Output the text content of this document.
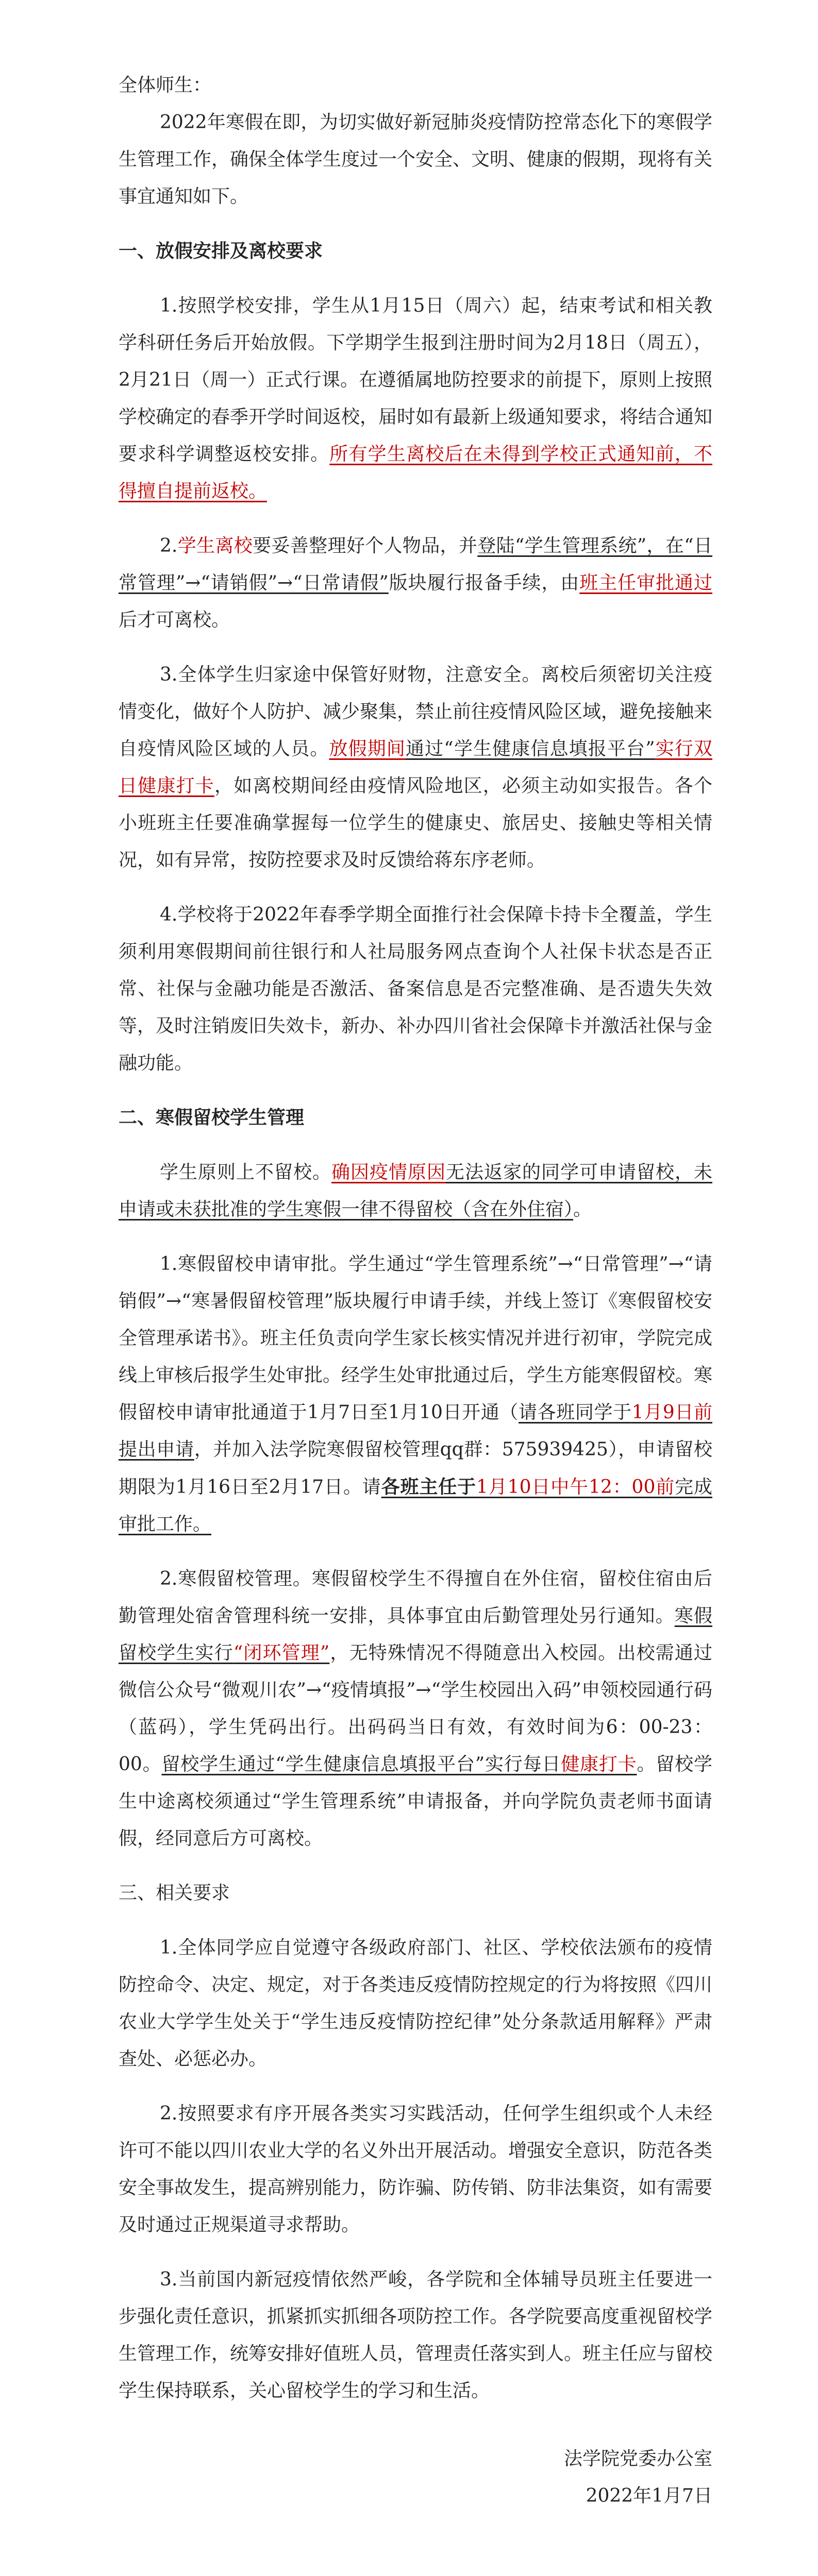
全体师生：

2022年寒假在即，为切实做好新冠肺炎疫情防控常态化下的寒假学生管理工作，确保全体学生度过一个安全、文明、健康的假期，现将有关事宜通知如下。

一、放假安排及离校要求

1.按照学校安排，学生从1月15日（周六）起，结束考试和相关教学科研任务后开始放假。下学期学生报到注册时间为2月18日（周五），2月21日（周一）正式行课。在遵循属地防控要求的前提下，原则上按照学校确定的春季开学时间返校，届时如有最新上级通知要求，将结合通知要求科学调整返校安排。所有学生离校后在未得到学校正式通知前，不得擅自提前返校。

2.学生离校要妥善整理好个人物品，并登陆“学生管理系统”，在“日常管理”→“请销假”→“日常请假”版块履行报备手续，由班主任审批通过后才可离校。

3.全体学生归家途中保管好财物，注意安全。离校后须密切关注疫情变化，做好个人防护、减少聚集，禁止前往疫情风险区域，避免接触来自疫情风险区域的人员。放假期间通过“学生健康信息填报平台”实行双日健康打卡，如离校期间经由疫情风险地区，必须主动如实报告。各个小班班主任要准确掌握每一位学生的健康史、旅居史、接触史等相关情况，如有异常，按防控要求及时反馈给蒋东序老师。

4.学校将于2022年春季学期全面推行社会保障卡持卡全覆盖，学生须利用寒假期间前往银行和人社局服务网点查询个人社保卡状态是否正常、社保与金融功能是否激活、备案信息是否完整准确、是否遗失失效等，及时注销废旧失效卡，新办、补办四川省社会保障卡并激活社保与金融功能。

二、寒假留校学生管理

学生原则上不留校。确因疫情原因无法返家的同学可申请留校，未申请或未获批准的学生寒假一律不得留校（含在外住宿）。

1.寒假留校申请审批。学生通过“学生管理系统”→“日常管理”→“请销假”→“寒暑假留校管理”版块履行申请手续，并线上签订《寒假留校安全管理承诺书》。班主任负责向学生家长核实情况并进行初审，学院完成线上审核后报学生处审批。经学生处审批通过后，学生方能寒假留校。寒假留校申请审批通道于1月7日至1月10日开通（请各班同学于1月9日前提出申请，并加入法学院寒假留校管理qq群：575939425），申请留校期限为1月16日至2月17日。请各班主任于1月10日中午12：00前完成审批工作。

2.寒假留校管理。寒假留校学生不得擅自在外住宿，留校住宿由后勤管理处宿舍管理科统一安排，具体事宜由后勤管理处另行通知。寒假留校学生实行“闭环管理”，无特殊情况不得随意出入校园。出校需通过微信公众号“微观川农”→“疫情填报”→“学生校园出入码”申领校园通行码（蓝码），学生凭码出行。出码码当日有效，有效时间为6：00-23：00。留校学生通过“学生健康信息填报平台”实行每日健康打卡。留校学生中途离校须通过“学生管理系统”申请报备，并向学院负责老师书面请假，经同意后方可离校。

三、相关要求

1.全体同学应自觉遵守各级政府部门、社区、学校依法颁布的疫情防控命令、决定、规定，对于各类违反疫情防控规定的行为将按照《四川农业大学学生处关于“学生违反疫情防控纪律”处分条款适用解释》严肃查处、必惩必办。

2.按照要求有序开展各类实习实践活动，任何学生组织或个人未经许可不能以四川农业大学的名义外出开展活动。增强安全意识，防范各类安全事故发生，提高辨别能力，防诈骗、防传销、防非法集资，如有需要及时通过正规渠道寻求帮助。

3.当前国内新冠疫情依然严峻，各学院和全体辅导员班主任要进一步强化责任意识，抓紧抓实抓细各项防控工作。各学院要高度重视留校学生管理工作，统筹安排好值班人员，管理责任落实到人。班主任应与留校学生保持联系，关心留校学生的学习和生活。

法学院党委办公室

2022年1月7日
